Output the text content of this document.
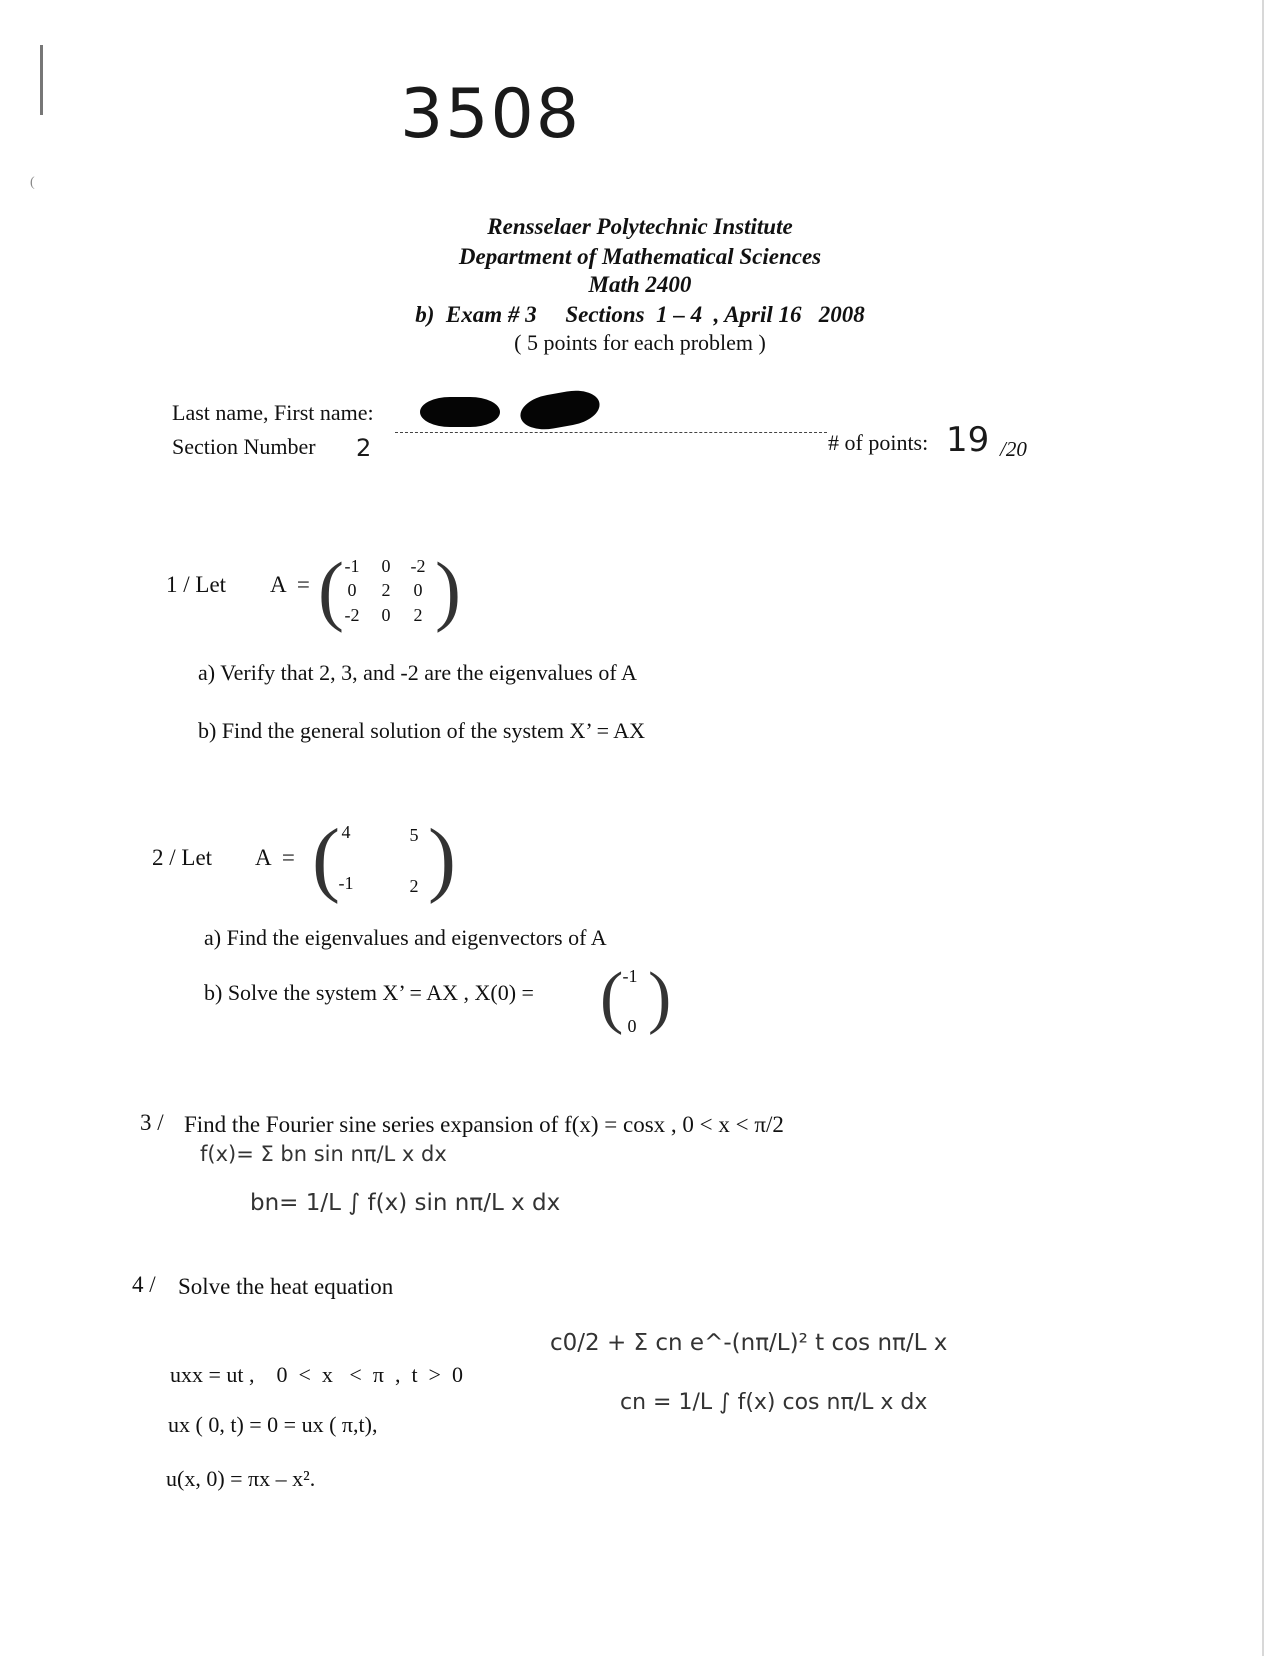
(
3508
Rensselaer Polytechnic Institute
Department of Mathematical Sciences
Math 2400
b)  Exam # 3     Sections  1 – 4  , April 16   2008
( 5 points for each problem )
Last name, First name:
# of points: 19 /20
Section Number 2
1 / Let A  = ( -1	0	-2
0	2	0
-2	0	2 )
a) Verify that 2, 3, and -2 are the eigenvalues of A
b) Find the general solution of the system X’ = AX
2 / Let A  = ( 4	5
-1	2 )
a) Find the eigenvalues and eigenvectors of A
b) Solve the system X’ = AX , X(0) = ( -1
0 )
3 / Find the Fourier sine series expansion of f(x) = cosx , 0 < x < π/2
f(x)= Σ bn sin nπ/L x dx
bn= 1/L ∫ f(x) sin nπ/L x dx
4 / Solve the heat equation
c0/2 + Σ cn e^-(nπ/L)² t cos nπ/L x
cn = 1/L ∫ f(x) cos nπ/L x dx
uxx = ut ,    0  <  x   <  π  ,  t  >  0
ux ( 0, t) = 0 = ux ( π,t),
u(x, 0) = πx – x².
